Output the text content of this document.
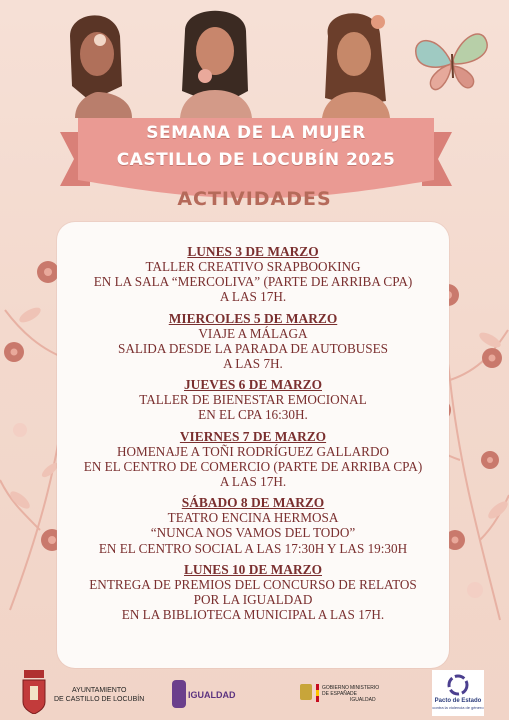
SEMANA DE LA MUJER
CASTILLO DE LOCUBÍN 2025
ACTIVIDADES
LUNES 3 DE MARZO
TALLER CREATIVO SRAPBOOKING
EN LA SALA “MERCOLIVA” (PARTE DE ARRIBA CPA)
A LAS 17H.
MIERCOLES 5 DE MARZO
VIAJE A MÁLAGA
SALIDA DESDE LA PARADA DE AUTOBUSES
A LAS 7H.
JUEVES 6 DE MARZO
TALLER DE BIENESTAR EMOCIONAL
EN EL CPA 16:30H.
VIERNES 7 DE MARZO
HOMENAJE A TOÑI RODRÍGUEZ GALLARDO
EN EL CENTRO DE COMERCIO (PARTE DE ARRIBA CPA)
A LAS 17H.
SÁBADO 8 DE MARZO
TEATRO ENCINA HERMOSA
“NUNCA NOS VAMOS DEL TODO”
EN EL CENTRO SOCIAL A LAS 17:30H Y LAS 19:30H
LUNES 10 DE MARZO
ENTREGA DE PREMIOS DEL CONCURSO DE RELATOS
POR LA IGUALDAD
EN LA BIBLIOTECA MUNICIPAL A LAS 17H.
AYUNTAMIENTO
DE CASTILLO DE LOCUBÍN	IGUALDAD
GOBIERNO
DE ESPAÑA
MINISTERIO
DE IGUALDAD	Pacto de Estado
contra la violencia de género
